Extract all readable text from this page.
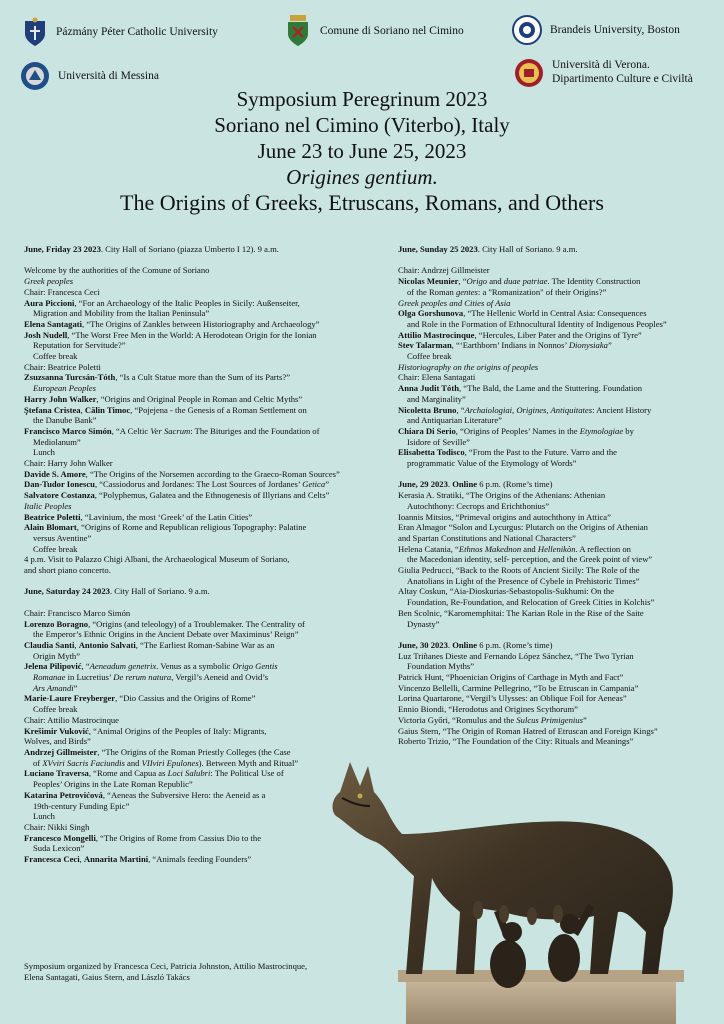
Pázmány Péter Catholic University	Comune di Soriano nel Cimino	Brandeis University, Boston
Università di Messina
Università di Verona.
Dipartimento Culture e Civiltà
Symposium Peregrinum 2023
Soriano nel Cimino (Viterbo), Italy
June 23 to June 25, 2023
Origines gentium.
The Origins of Greeks, Etruscans, Romans, and Others

June, Friday 23 2023. City Hall of Soriano (piazza Umberto I 12). 9 a.m.

Welcome by the authorities of the Comune of Soriano

Greek peoples

Chair: Francesca Ceci

Aura Piccioni, “For an Archaeology of the Italic Peoples in Sicily: Außenseiter,

Migration and Mobility from the Italian Peninsula”

Elena Santagati, “The Origins of Zankles between Historiography and Archaeology”

Josh Nudell, “The Worst Free Men in the World: A Herodotean Origin for the Ionian

Reputation for Servitude?”

Coffee break

Chair: Beatrice Poletti

Zsuzsanna Turcsán-Tóth, “Is a Cult Statue more than the Sum of its Parts?”

European Peoples

Harry John Walker, “Origins and Original People in Roman and Celtic Myths”

Ştefana Cristea, Călin Timoc, “Pojejena - the Genesis of a Roman Settlement on

the Danube Bank”

Francisco Marco Simón, “A Celtic Ver Sacrum: The Bituriges and the Foundation of

Mediolanum”

Lunch

Chair: Harry John Walker

Davide S. Amore, “The Origins of the Norsemen according to the Graeco-Roman Sources”

Dan-Tudor Ionescu, “Cassiodorus and Jordanes: The Lost Sources of Jordanes’ Getica”

Salvatore Costanza, “Polyphemus, Galatea and the Ethnogenesis of Illyrians and Celts”

Italic Peoples

Beatrice Poletti, “Lavinium, the most ‘Greek’ of the Latin Cities”

Alain Blomart, “Origins of Rome and Republican religious Topography: Palatine

versus Aventine”

Coffee break

4 p.m. Visit to Palazzo Chigi Albani, the Archaeological Museum of Soriano,

and short piano concerto.

June, Saturday 24 2023. City Hall of Soriano. 9 a.m.

Chair: Francisco Marco Simón

Lorenzo Boragno, “Origins (and teleology) of a Troublemaker. The Centrality of

the Emperor’s Ethnic Origins in the Ancient Debate over Maximinus’ Reign”

Claudia Santi, Antonio Salvati, “The Earliest Roman-Sabine War as an

Origin Myth”

Jelena Pilipović, “Aeneadum genetrix. Venus as a symbolic Origo Gentis

Romanae in Lucretius’ De rerum natura, Vergil’s Aeneid and Ovid’s

Ars Amandi”

Marie-Laure Freyberger, “Dio Cassius and the Origins of Rome”

Coffee break

Chair: Attilio Mastrocinque

Krešimir Vuković, “Animal Origins of the Peoples of Italy: Migrants,

Wolves, and Birds”

Andrzej Gillmeister, “The Origins of the Roman Priestly Colleges (the Case

of XVviri Sacris Faciundis and VIIviri Epulones). Between Myth and Ritual”

Luciano Traversa, “Rome and Capua as Loci Salubri: The Political Use of

Peoples’ Origins in the Late Roman Republic”

Katarina Petrovićová, “Aeneas the Subversive Hero: the Aeneid as a

19th-century Funding Epic”

Lunch

Chair: Nikki Singh

Francesco Mongelli, “The Origins of Rome from Cassius Dio to the

Suda Lexicon”

Francesca Ceci, Annarita Martini, “Animals feeding Founders”

June, Sunday 25 2023. City Hall of Soriano. 9 a.m.

Chair: Andrzej Gillmeister

Nicolas Meunier, “Origo and duae patriae. The Identity Construction

of the Roman gentes: a "Romanization" of their Origins?”

Greek peoples and Cities of Asia

Olga Gorshunova, “The Hellenic World in Central Asia: Consequences

and Role in the Formation of Ethnocultural Identity of Indigenous Peoples”

Attilio Mastrocinque, “Hercules, Liber Pater and the Origins of Tyre”

Stev Talarman, “‘Earthborn’ Indians in Nonnos’ Dionysiaka”

Coffee break

Historiography on the origins of peoples

Chair: Elena Santagati

Anna Judit Tóth, “The Bald, the Lame and the Stuttering. Foundation

and Marginality”

Nicoletta Bruno, “Archaiologiai, Origines, Antiquitates: Ancient History

and Antiquarian Literature”

Chiara Di Serio, “Origins of Peoples’ Names in the Etymologiae by

Isidore of Seville”

Elisabetta Todisco, “From the Past to the Future. Varro and the

programmatic Value of the Etymology of Words”

June, 29 2023. Online 6 p.m. (Rome’s time)

Kerasia A. Stratiki, “The Origins of the Athenians: Athenian

Autochthony: Cecrops and Erichthonius”

Ioannis Mitsios, “Primeval origins and autochthony in Attica”

Eran Almagor “Solon and Lycurgus: Plutarch on the Origins of Athenian

and Spartan Constitutions and National Characters”

Helena Catania, “Ethnos Makednon and Hellenikòn. A reflection on

the Macedonian identity, self- perception, and the Greek point of view”

Giulia Pedrucci, “Back to the Roots of Ancient Sicily: The Role of the

Anatolians in Light of the Presence of Cybele in Prehistoric Times”

Altay Coskun, “Aia-Dioskurias-Sebastopolis-Sukhumi: On the

Foundation, Re-Foundation, and Relocation of Greek Cities in Kolchis”

Ben Scolnic, “Karomemphitai: The Karian Role in the Rise of the Saite

Dynasty”

June, 30 2023. Online 6 p.m. (Rome’s time)

Luz Triñanes Dieste and Fernando López Sánchez, “The Two Tyrian

Foundation Myths”

Patrick Hunt, “Phoenician Origins of Carthage in Myth and Fact”

Vincenzo Bellelli, Carmine Pellegrino, “To be Etruscan in Campania”

Lorina Quartarone, “Vergil’s Ulysses: an Oblique Foil for Aeneas”

Ennio Biondi, “Herodotus and Origines Scythorum”

Victoria Győri, “Romulus and the Sulcus Primigenius”

Gaius Stern, “The Origin of Roman Hatred of Etruscan and Foreign Kings”

Roberto Trizio, “The Foundation of the City: Rituals and Meanings”

Symposium organized by Francesca Ceci, Patricia Johnston, Attilio Mastrocinque,
Elena Santagati, Gaius Stern, and László Takács
